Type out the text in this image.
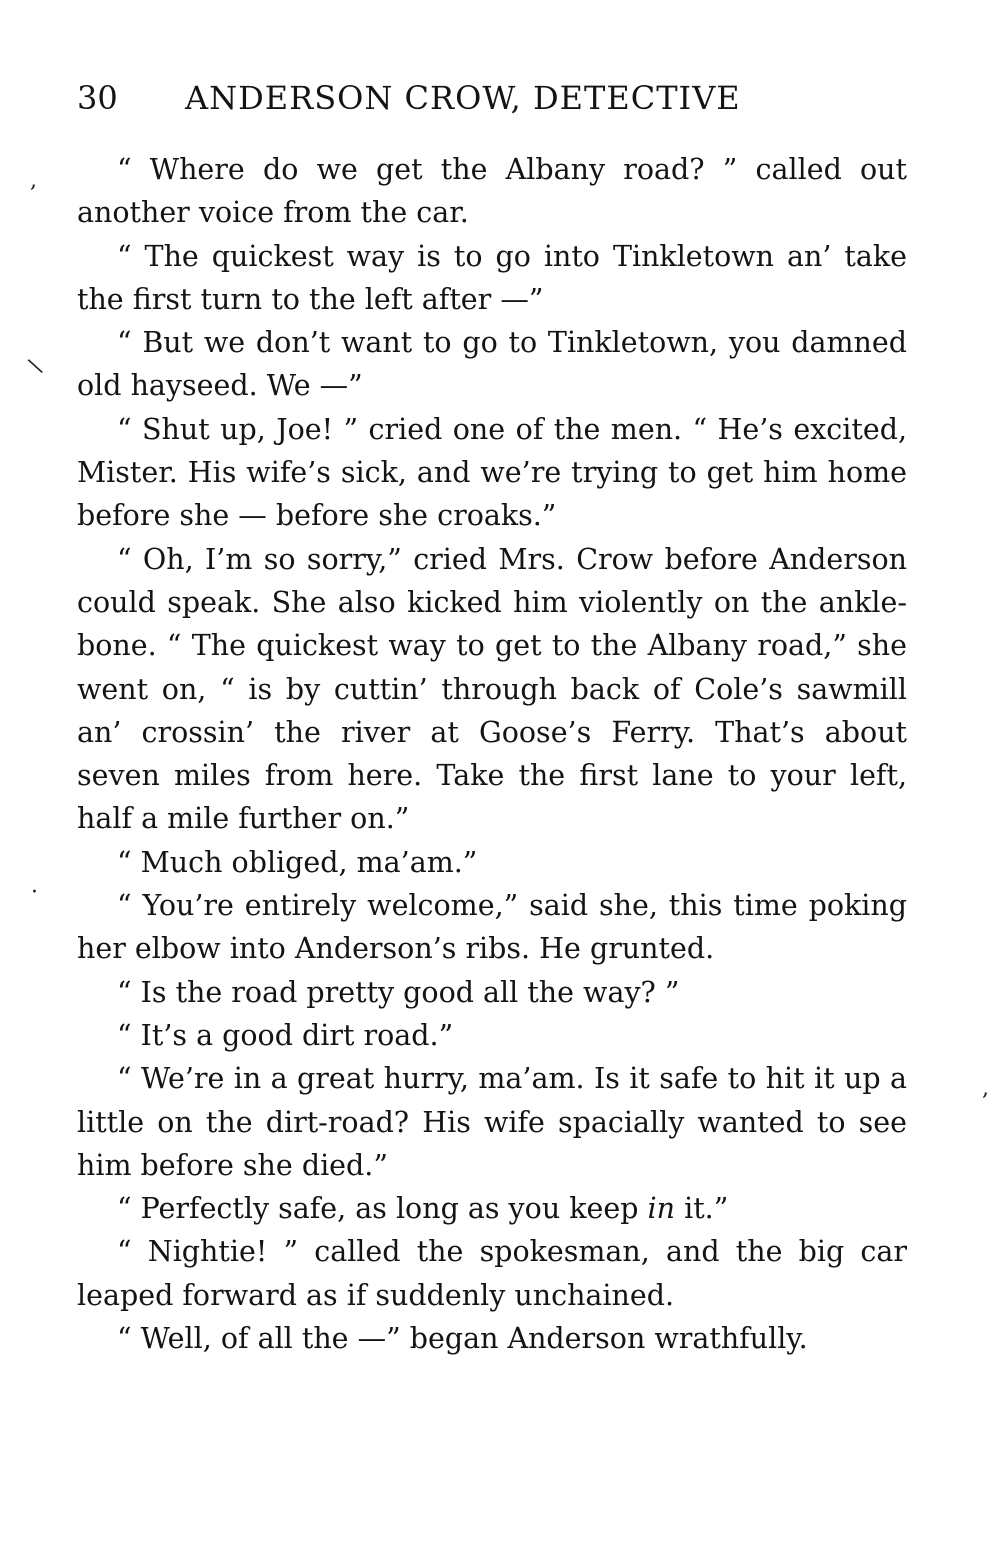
30 ANDERSON CROW, DETECTIVE

“ Where do we get the Albany road? ” called out another voice from the car.

“ The quickest way is to go into Tinkletown an’ take the first turn to the left after —”

“ But we don’t want to go to Tinkletown, you damned old hayseed. We —”

“ Shut up, Joe! ” cried one of the men. “ He’s excited, Mister. His wife’s sick, and we’re trying to get him home before she — before she croaks.”

“ Oh, I’m so sorry,” cried Mrs. Crow before Anderson could speak. She also kicked him violently on the ankle-bone. “ The quickest way to get to the Albany road,” she went on, “ is by cuttin’ through back of Cole’s sawmill an’ crossin’ the river at Goose’s Ferry. That’s about seven miles from here. Take the first lane to your left, half a mile further on.”

“ Much obliged, ma’am.”

“ You’re entirely welcome,” said she, this time poking her elbow into Anderson’s ribs. He grunted.

“ Is the road pretty good all the way? ”

“ It’s a good dirt road.”

“ We’re in a great hurry, ma’am. Is it safe to hit it up a little on the dirt-road? His wife spacially wanted to see him before she died.”

“ Perfectly safe, as long as you keep in it.”

“ Nightie! ” called the spokesman, and the big car leaped forward as if suddenly unchained.

“ Well, of all the —” began Anderson wrathfully.

,
\
·
,
